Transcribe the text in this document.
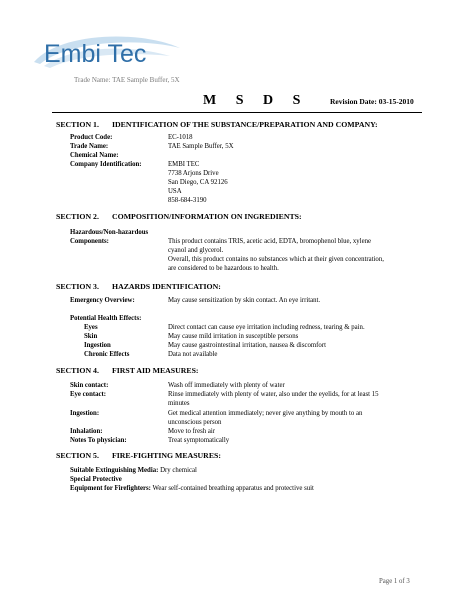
Embi Tec
Trade Name: TAE Sample Buffer, 5X
M S D S	Revision Date: 03-15-2010
SECTION 1. IDENTIFICATION OF THE SUBSTANCE/PREPARATION AND COMPANY:
Product Code:	EC-1018
Trade Name:	TAE Sample Buffer, 5X
Chemical Name:
Company Identification:	EMBI TEC
7738 Arjons Drive
San Diego, CA 92126
USA
858-684-3190
SECTION 2. COMPOSITION/INFORMATION ON INGREDIENTS:
Hazardous/Non-hazardous
Components:	This product contains TRIS, acetic acid, EDTA, bromophenol blue, xylene
cyanol and glycerol.
Overall, this product contains no substances which at their given concentration,
are considered to be hazardous to health.
SECTION 3. HAZARDS IDENTIFICATION:
Emergency Overview:	May cause sensitization by skin contact. An eye irritant.
Potential Health Effects:
Eyes	Direct contact can cause eye irritation including redness, tearing & pain.
Skin	May cause mild irritation in susceptible persons
Ingestion	May cause gastrointestinal irritation, nausea & discomfort
Chronic Effects	Data not available
SECTION 4. FIRST AID MEASURES:
Skin contact:	Wash off immediately with plenty of water
Eye contact:	Rinse immediately with plenty of water, also under the eyelids, for at least 15
minutes
Ingestion:	Get medical attention immediately; never give anything by mouth to an
unconscious person
Inhalation:	Move to fresh air
Notes To physician:	Treat symptomatically
SECTION 5. FIRE-FIGHTING MEASURES:
Suitable Extinguishing Media: Dry chemical
Special Protective
Equipment for Firefighters: Wear self-contained breathing apparatus and protective suit
Page 1 of 3
